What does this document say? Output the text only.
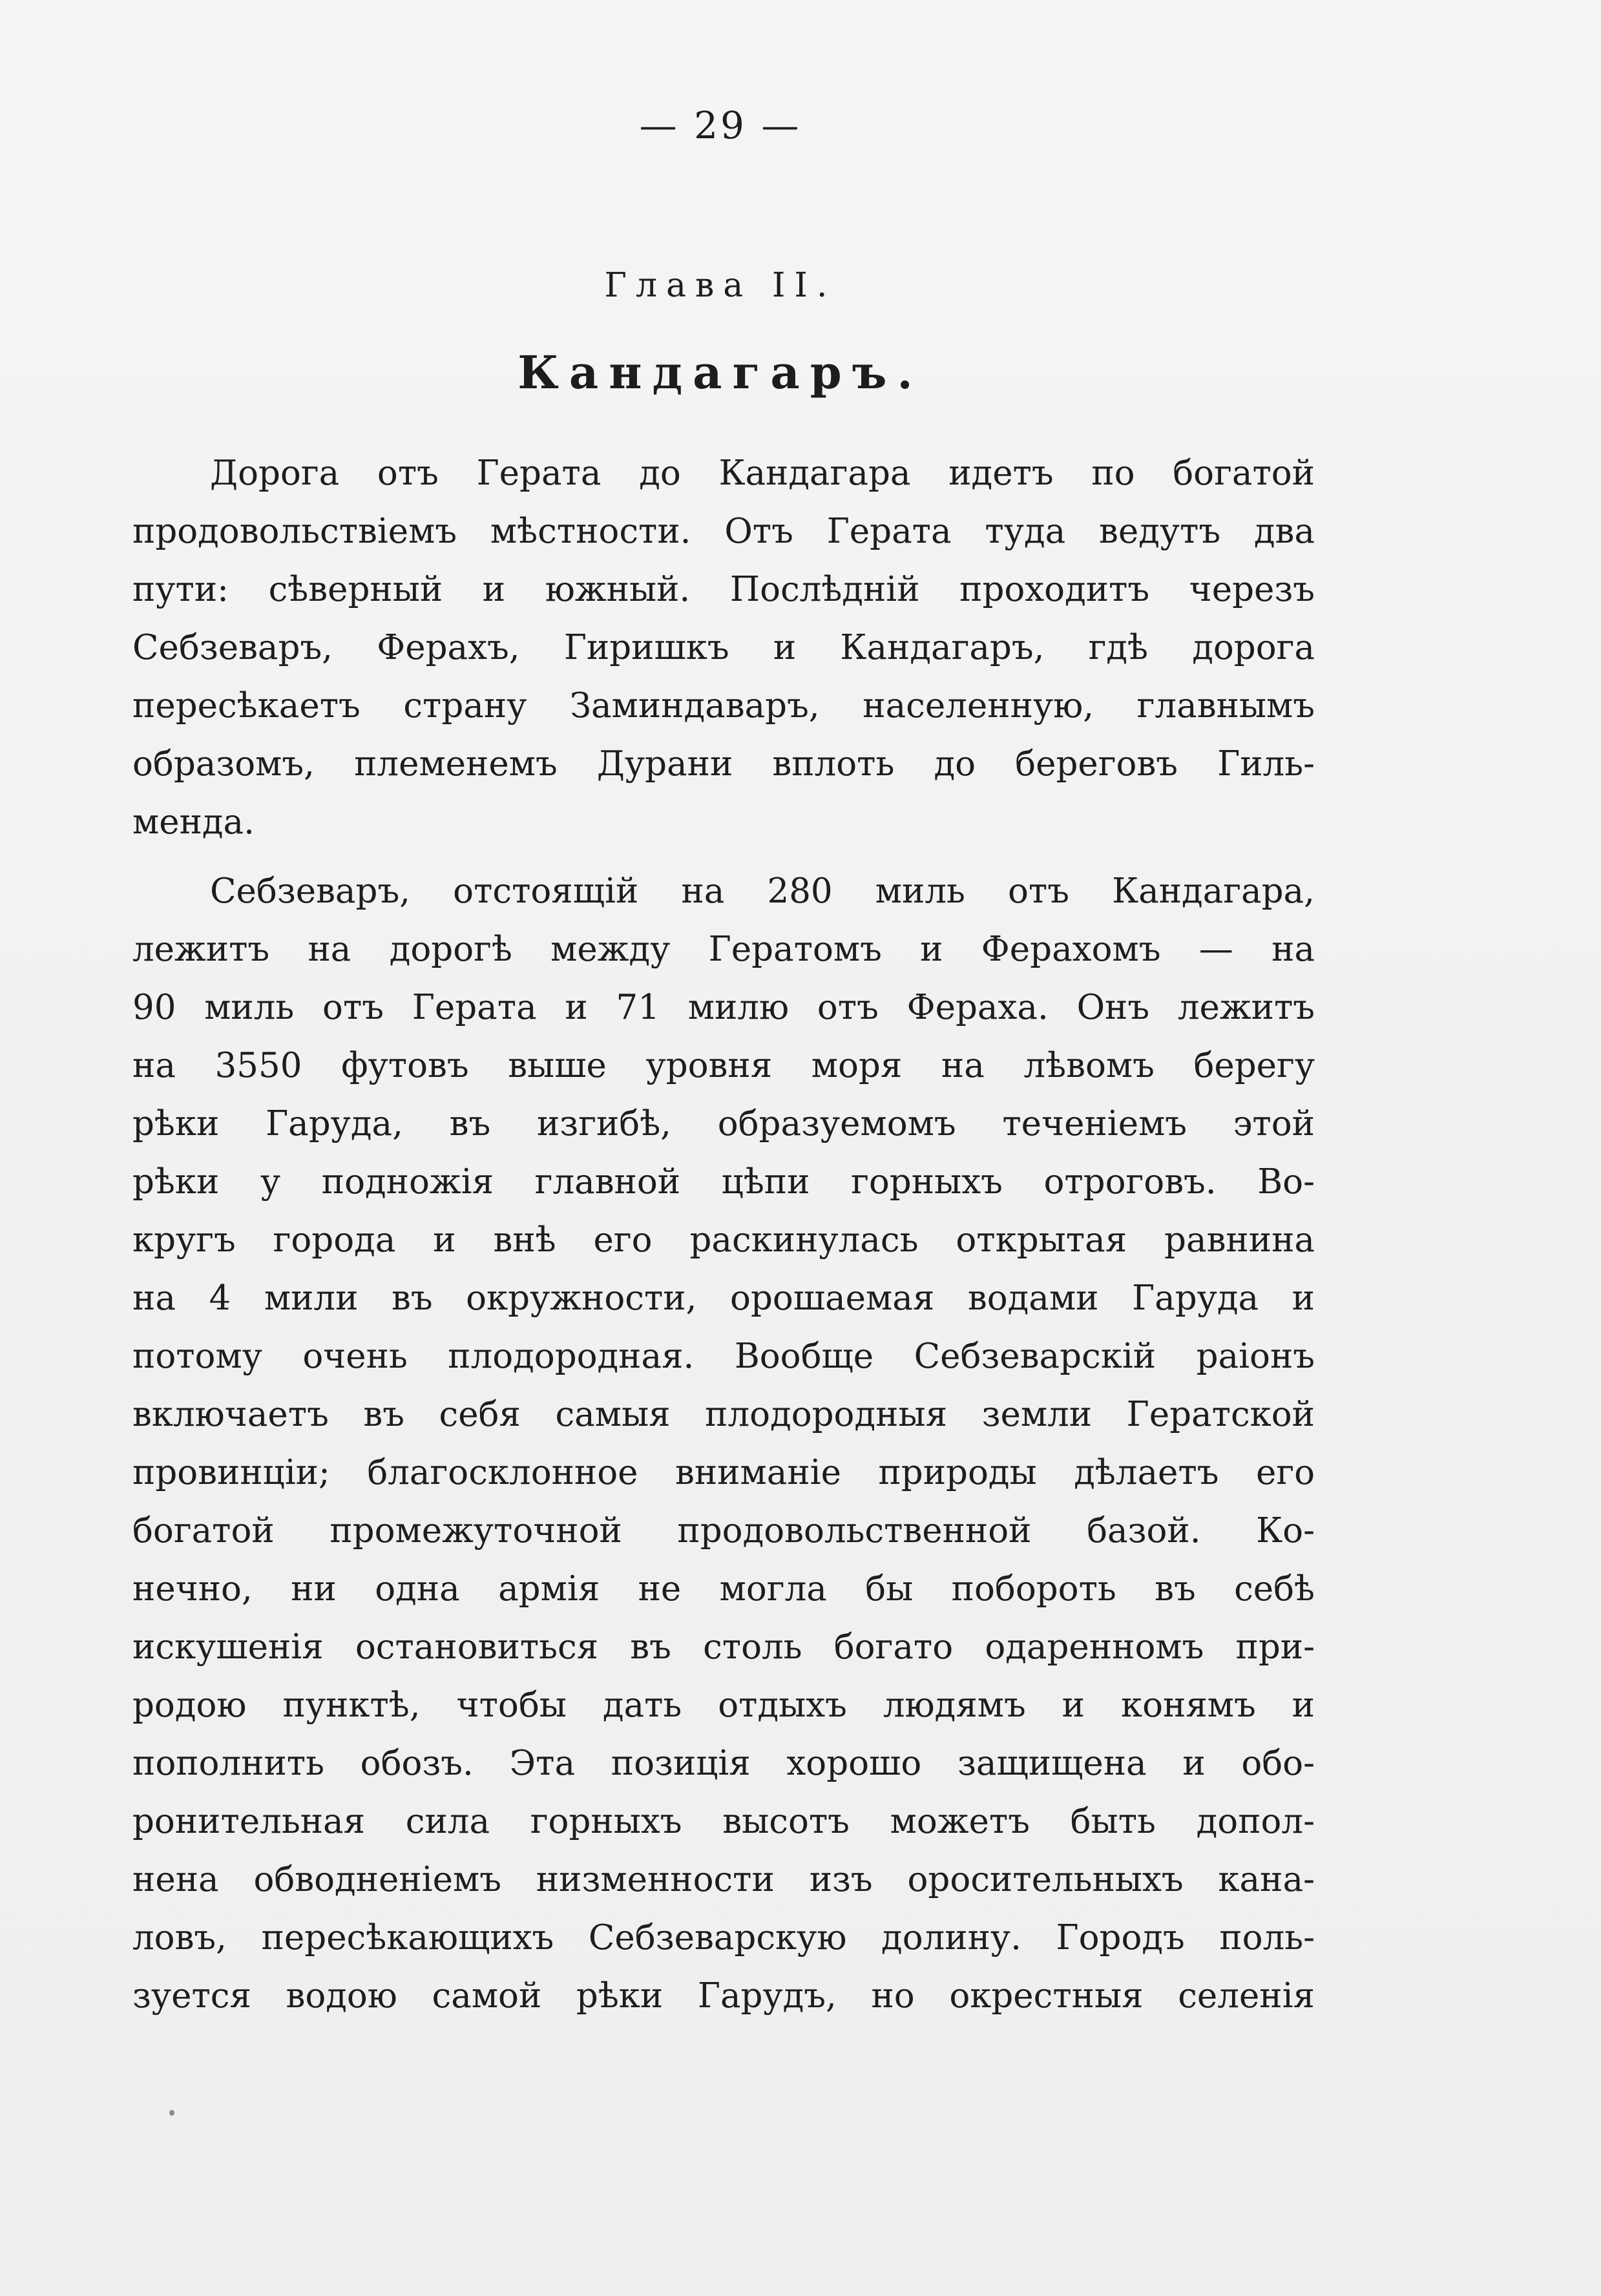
— 29 —
Глава II.
Кандагаръ.
Дорога отъ Герата до Кандагара идетъ по богатой
продовольствіемъ мѣстности. Отъ Герата туда ведутъ два
пути: сѣверный и южный. Послѣдній проходитъ черезъ
Себзеваръ, Ферахъ, Гиришкъ и Кандагаръ, гдѣ дорога
пересѣкаетъ страну Заминдаваръ, населенную, главнымъ
образомъ, племенемъ Дурани вплоть до береговъ Гиль-
менда.
Себзеваръ, отстоящій на 280 миль отъ Кандагара,
лежитъ на дорогѣ между Гератомъ и Ферахомъ — на
90 миль отъ Герата и 71 милю отъ Фераха. Онъ лежитъ
на 3550 футовъ выше уровня моря на лѣвомъ берегу
рѣки Гаруда, въ изгибѣ, образуемомъ теченіемъ этой
рѣки у подножія главной цѣпи горныхъ отроговъ. Во-
кругъ города и внѣ его раскинулась открытая равнина
на 4 мили въ окружности, орошаемая водами Гаруда и
потому очень плодородная. Вообще Себзеварскій раіонъ
включаетъ въ себя самыя плодородныя земли Гератской
провинціи; благосклонное вниманіе природы дѣлаетъ его
богатой промежуточной продовольственной базой. Ко-
нечно, ни одна армія не могла бы побороть въ себѣ
искушенія остановиться въ столь богато одаренномъ при-
родою пунктѣ, чтобы дать отдыхъ людямъ и конямъ и
пополнить обозъ. Эта позиція хорошо защищена и обо-
ронительная сила горныхъ высотъ можетъ быть допол-
нена обводненіемъ низменности изъ оросительныхъ кана-
ловъ, пересѣкающихъ Себзеварскую долину. Городъ поль-
зуется водою самой рѣки Гарудъ, но окрестныя селенія
